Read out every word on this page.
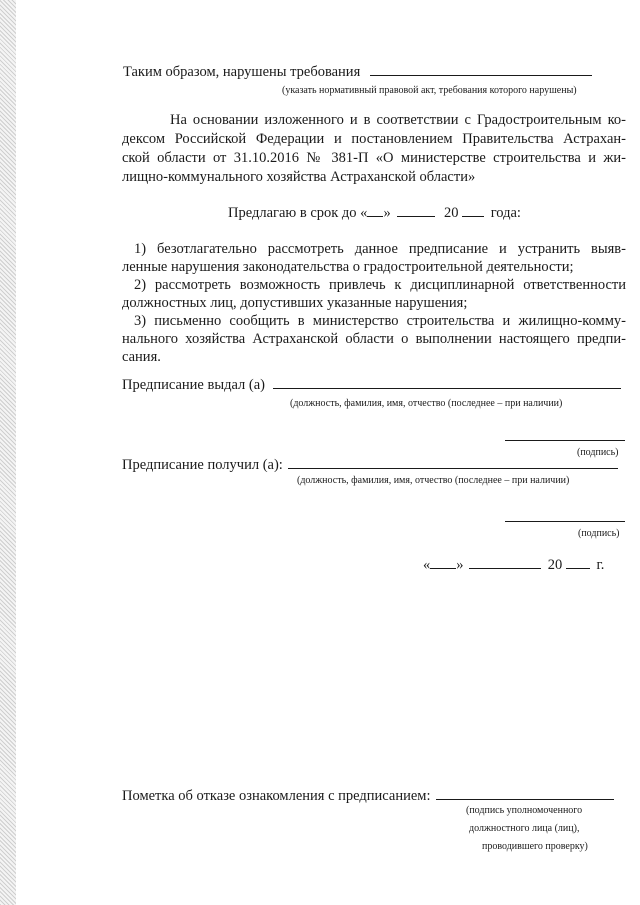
Таким образом, нарушены требования
(указать нормативный правовой акт, требования которого нарушены)
На основании изложенного и в соответствии с Градостроительным ко-
дексом Российской Федерации и постановлением Правительства Астрахан-
ской области от 31.10.2016 № 381-П «О министерстве строительства и жи-
лищно-коммунального хозяйства Астраханской области»
Предлагаю в срок до « »	20 года:
1) безотлагательно рассмотреть данное предписание и устранить выяв-
ленные нарушения законодательства о градостроительной деятельности;
2) рассмотреть возможность привлечь к дисциплинарной ответственности
должностных лиц, допустивших указанные нарушения;
3) письменно сообщить в министерство строительства и жилищно-комму-
нального хозяйства Астраханской области о выполнении настоящего предпи-
сания.
Предписание выдал (а)
(должность, фамилия, имя, отчество (последнее – при наличии)
(подпись)
Предписание получил (а):
(должность, фамилия, имя, отчество (последнее – при наличии)
(подпись)
« »	20 г.
Пометка об отказе ознакомления с предписанием:
(подпись уполномоченного
должностного лица (лиц),
проводившего проверку)
